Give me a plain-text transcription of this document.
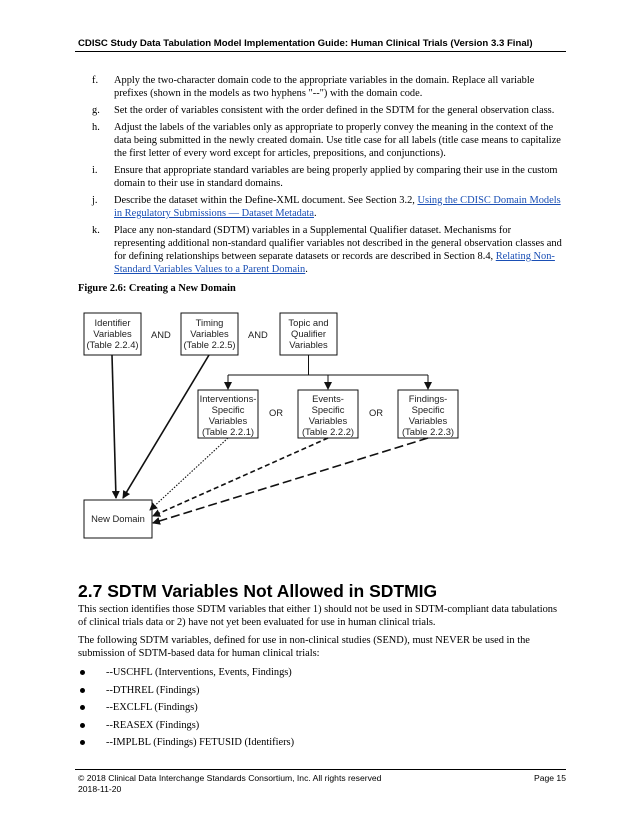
CDISC Study Data Tabulation Model Implementation Guide: Human Clinical Trials (Version 3.3 Final)
f. Apply the two-character domain code to the appropriate variables in the domain. Replace all variable prefixes (shown in the models as two hyphens "--") with the domain code.
g. Set the order of variables consistent with the order defined in the SDTM for the general observation class.
h. Adjust the labels of the variables only as appropriate to properly convey the meaning in the context of the data being submitted in the newly created domain. Use title case for all labels (title case means to capitalize the first letter of every word except for articles, prepositions, and conjunctions).
i. Ensure that appropriate standard variables are being properly applied by comparing their use in the custom domain to their use in standard domains.
j. Describe the dataset within the Define-XML document. See Section 3.2, Using the CDISC Domain Models in Regulatory Submissions — Dataset Metadata.
k. Place any non-standard (SDTM) variables in a Supplemental Qualifier dataset. Mechanisms for representing additional non-standard qualifier variables not described in the general observation classes and for defining relationships between separate datasets or records are described in Section 8.4, Relating Non-Standard Variables Values to a Parent Domain.
Figure 2.6: Creating a New Domain
Identifier
Variables
(Table 2.2.4)
AND
Timing
Variables
(Table 2.2.5)
AND
Topic and
Qualifier
Variables
Interventions-
Specific
Variables
(Table 2.2.1)
OR
Events-
Specific
Variables
(Table 2.2.2)
OR
Findings-
Specific
Variables
(Table 2.2.3)
New Domain
2.7 SDTM Variables Not Allowed in SDTMIG

This section identifies those SDTM variables that either 1) should not be used in SDTM-compliant data tabulations of clinical trials data or 2) have not yet been evaluated for use in human clinical trials.

The following SDTM variables, defined for use in non-clinical studies (SEND), must NEVER be used in the submission of SDTM-based data for human clinical trials:

--USCHFL (Interventions, Events, Findings)
--DTHREL (Findings)
--EXCLFL (Findings)
--REASEX (Findings)
--IMPLBL (Findings) FETUSID (Identifiers)
© 2018 Clinical Data Interchange Standards Consortium, Inc. All rights reserved
2018-11-20
Page 15
